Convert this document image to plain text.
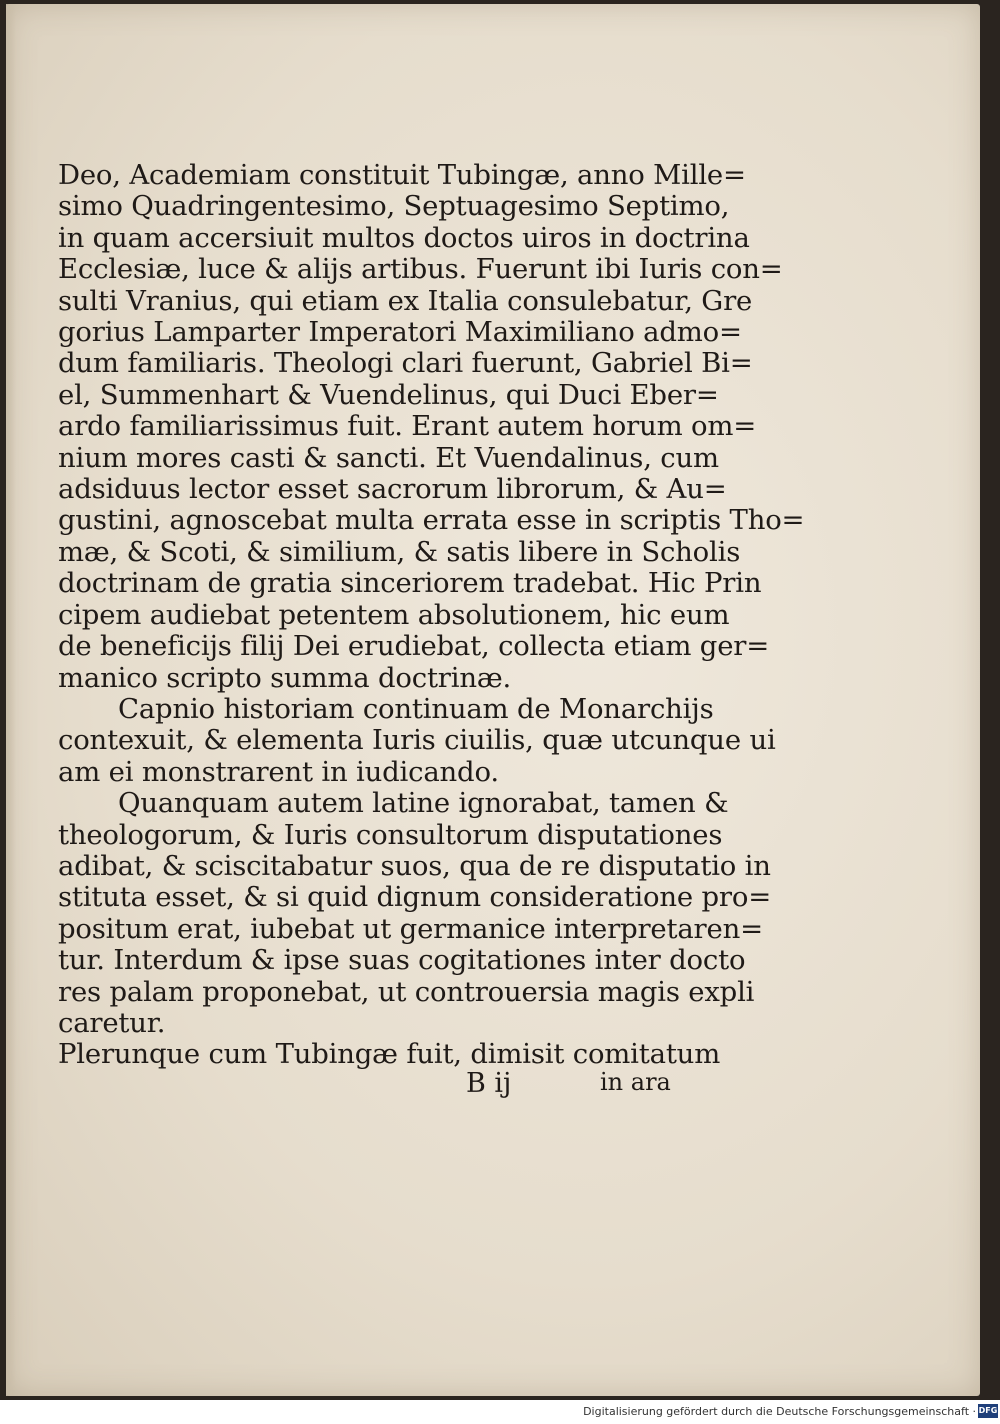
Deo, Academiam constituit Tubingæ, anno Mille=
simo Quadringentesimo, Septuagesimo Septimo,
in quam accersiuit multos doctos uiros in doctrina
Ecclesiæ, luce & alijs artibus. Fuerunt ibi Iuris con=
sulti Vranius, qui etiam ex Italia consulebatur, Gre
gorius Lamparter Imperatori Maximiliano admo=
dum familiaris. Theologi clari fuerunt, Gabriel Bi=
el, Summenhart & Vuendelinus, qui Duci Eber=
ardo familiarissimus fuit. Erant autem horum om=
nium mores casti & sancti. Et Vuendalinus, cum
adsiduus lector esset sacrorum librorum, & Au=
gustini, agnoscebat multa errata esse in scriptis Tho=
mæ, & Scoti, & similium, & satis libere in Scholis
doctrinam de gratia sinceriorem tradebat. Hic Prin
cipem audiebat petentem absolutionem, hic eum
de beneficijs filij Dei erudiebat, collecta etiam ger=
manico scripto summa doctrinæ.
Capnio historiam continuam de Monarchijs
contexuit, & elementa Iuris ciuilis, quæ utcunque ui
am ei monstrarent in iudicando.
Quanquam autem latine ignorabat, tamen &
theologorum, & Iuris consultorum disputationes
adibat, & sciscitabatur suos, qua de re disputatio in
stituta esset, & si quid dignum consideratione pro=
positum erat, iubebat ut germanice interpretaren=
tur. Interdum & ipse suas cogitationes inter docto
res palam proponebat, ut controuersia magis expli
caretur.
Plerunque cum Tubingæ fuit, dimisit comitatum
B ij	in ara
Digitalisierung gefördert durch die Deutsche Forschungsgemeinschaft · DFG
